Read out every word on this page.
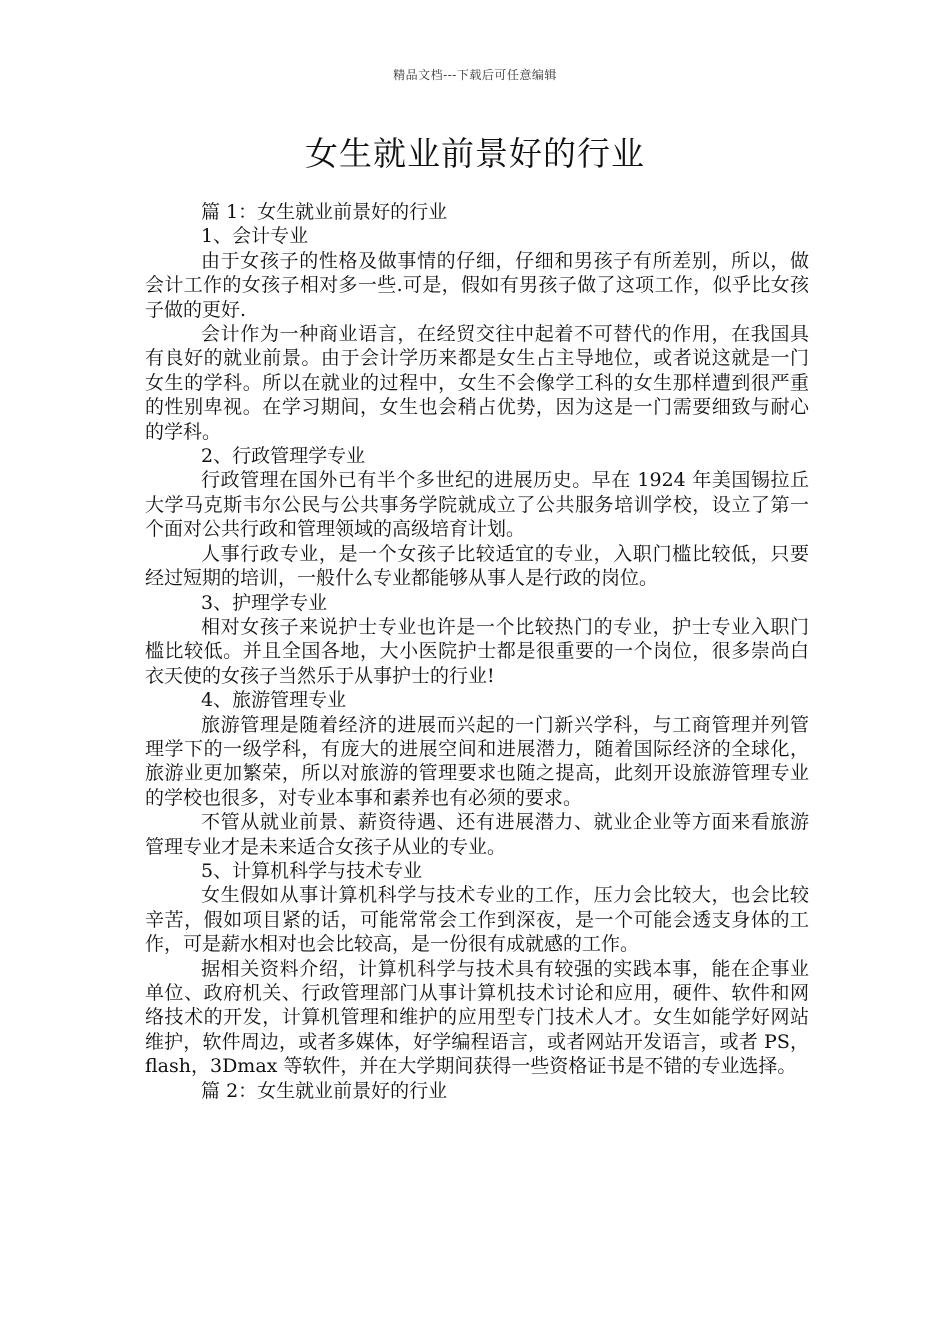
精品文档---下载后可任意编辑
女生就业前景好的行业

篇 1：女生就业前景好的行业

1、会计专业

由于女孩子的性格及做事情的仔细，仔细和男孩子有所差别，所以，做会计工作的女孩子相对多一些.可是，假如有男孩子做了这项工作，似乎比女孩子做的更好.

会计作为一种商业语言，在经贸交往中起着不可替代的作用，在我国具有良好的就业前景。由于会计学历来都是女生占主导地位，或者说这就是一门女生的学科。所以在就业的过程中，女生不会像学工科的女生那样遭到很严重的性别卑视。在学习期间，女生也会稍占优势，因为这是一门需要细致与耐心的学科。

2、行政管理学专业

行政管理在国外已有半个多世纪的进展历史。早在 1924 年美国锡拉丘大学马克斯韦尔公民与公共事务学院就成立了公共服务培训学校，设立了第一个面对公共行政和管理领域的高级培育计划。

人事行政专业，是一个女孩子比较适宜的专业，入职门槛比较低，只要经过短期的培训，一般什么专业都能够从事人是行政的岗位。

3、护理学专业

相对女孩子来说护士专业也许是一个比较热门的专业，护士专业入职门槛比较低。并且全国各地，大小医院护士都是很重要的一个岗位，很多崇尚白衣天使的女孩子当然乐于从事护士的行业!

4、旅游管理专业

旅游管理是随着经济的进展而兴起的一门新兴学科，与工商管理并列管理学下的一级学科，有庞大的进展空间和进展潜力，随着国际经济的全球化，旅游业更加繁荣，所以对旅游的管理要求也随之提高，此刻开设旅游管理专业的学校也很多，对专业本事和素养也有必须的要求。

不管从就业前景、薪资待遇、还有进展潜力、就业企业等方面来看旅游管理专业才是未来适合女孩子从业的专业。

5、计算机科学与技术专业

女生假如从事计算机科学与技术专业的工作，压力会比较大，也会比较辛苦，假如项目紧的话，可能常常会工作到深夜，是一个可能会透支身体的工作，可是薪水相对也会比较高，是一份很有成就感的工作。

据相关资料介绍，计算机科学与技术具有较强的实践本事，能在企事业单位、政府机关、行政管理部门从事计算机技术讨论和应用，硬件、软件和网络技术的开发，计算机管理和维护的应用型专门技术人才。女生如能学好网站维护，软件周边，或者多媒体，好学编程语言，或者网站开发语言，或者 PS，flash，3Dmax 等软件，并在大学期间获得一些资格证书是不错的专业选择。

篇 2：女生就业前景好的行业
